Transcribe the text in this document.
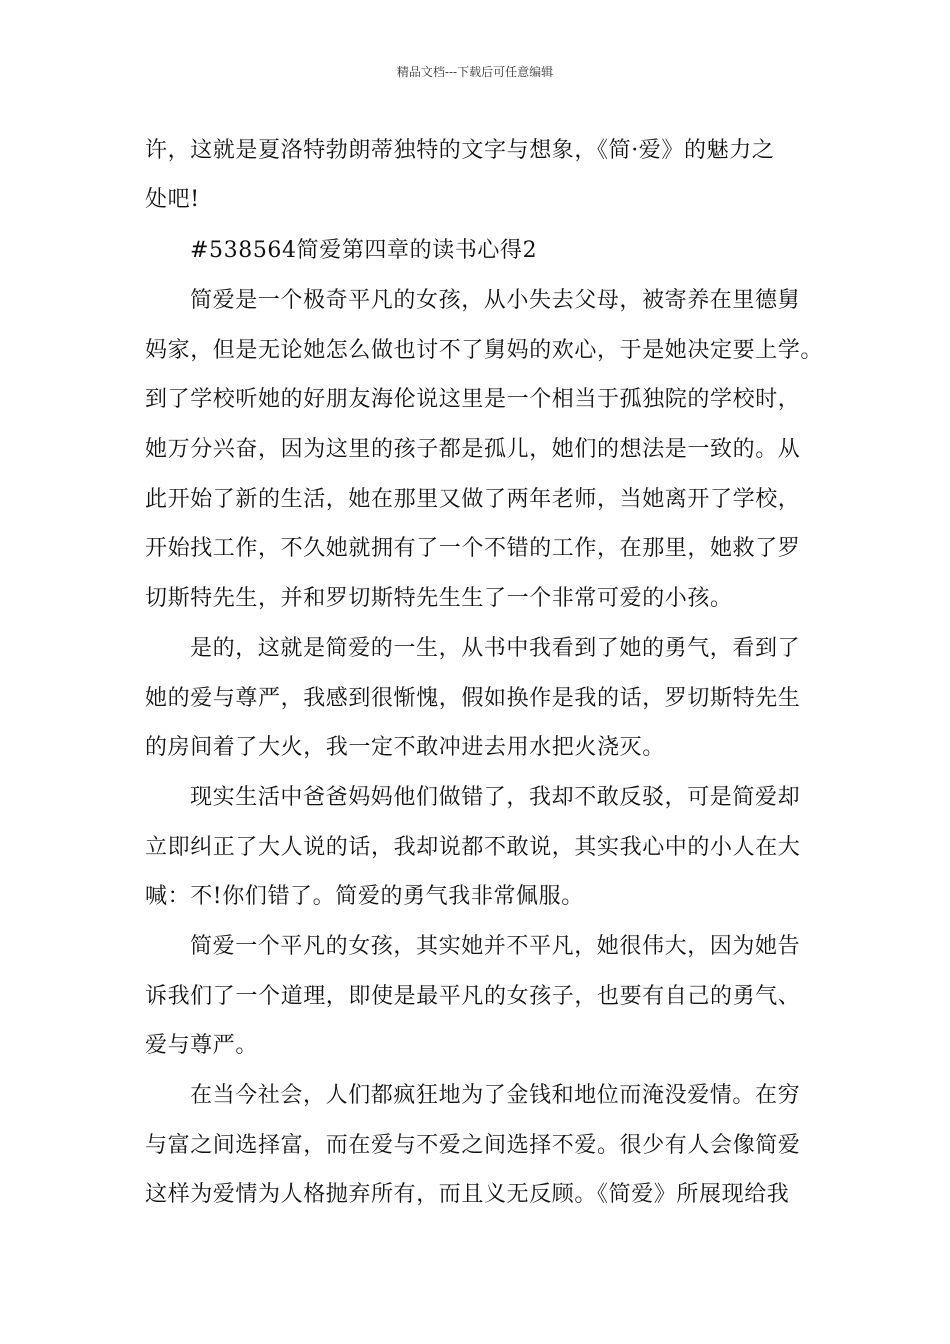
精品文档---下载后可任意编辑
许，这就是夏洛特勃朗蒂独特的文字与想象，《简·爱》的魅力之
处吧!
#538564简爱第四章的读书心得2
简爱是一个极奇平凡的女孩，从小失去父母，被寄养在里德舅
妈家，但是无论她怎么做也讨不了舅妈的欢心，于是她决定要上学。
到了学校听她的好朋友海伦说这里是一个相当于孤独院的学校时，
她万分兴奋，因为这里的孩子都是孤儿，她们的想法是一致的。从
此开始了新的生活，她在那里又做了两年老师，当她离开了学校，
开始找工作，不久她就拥有了一个不错的工作，在那里，她救了罗
切斯特先生，并和罗切斯特先生生了一个非常可爱的小孩。
是的，这就是简爱的一生，从书中我看到了她的勇气，看到了
她的爱与尊严，我感到很惭愧，假如换作是我的话，罗切斯特先生
的房间着了大火，我一定不敢冲进去用水把火浇灭。
现实生活中爸爸妈妈他们做错了，我却不敢反驳，可是简爱却
立即纠正了大人说的话，我却说都不敢说，其实我心中的小人在大
喊：不!你们错了。简爱的勇气我非常佩服。
简爱一个平凡的女孩，其实她并不平凡，她很伟大，因为她告
诉我们了一个道理，即使是最平凡的女孩子，也要有自己的勇气、
爱与尊严。
在当今社会，人们都疯狂地为了金钱和地位而淹没爱情。在穷
与富之间选择富，而在爱与不爱之间选择不爱。很少有人会像简爱
这样为爱情为人格抛弃所有，而且义无反顾。《简爱》所展现给我
